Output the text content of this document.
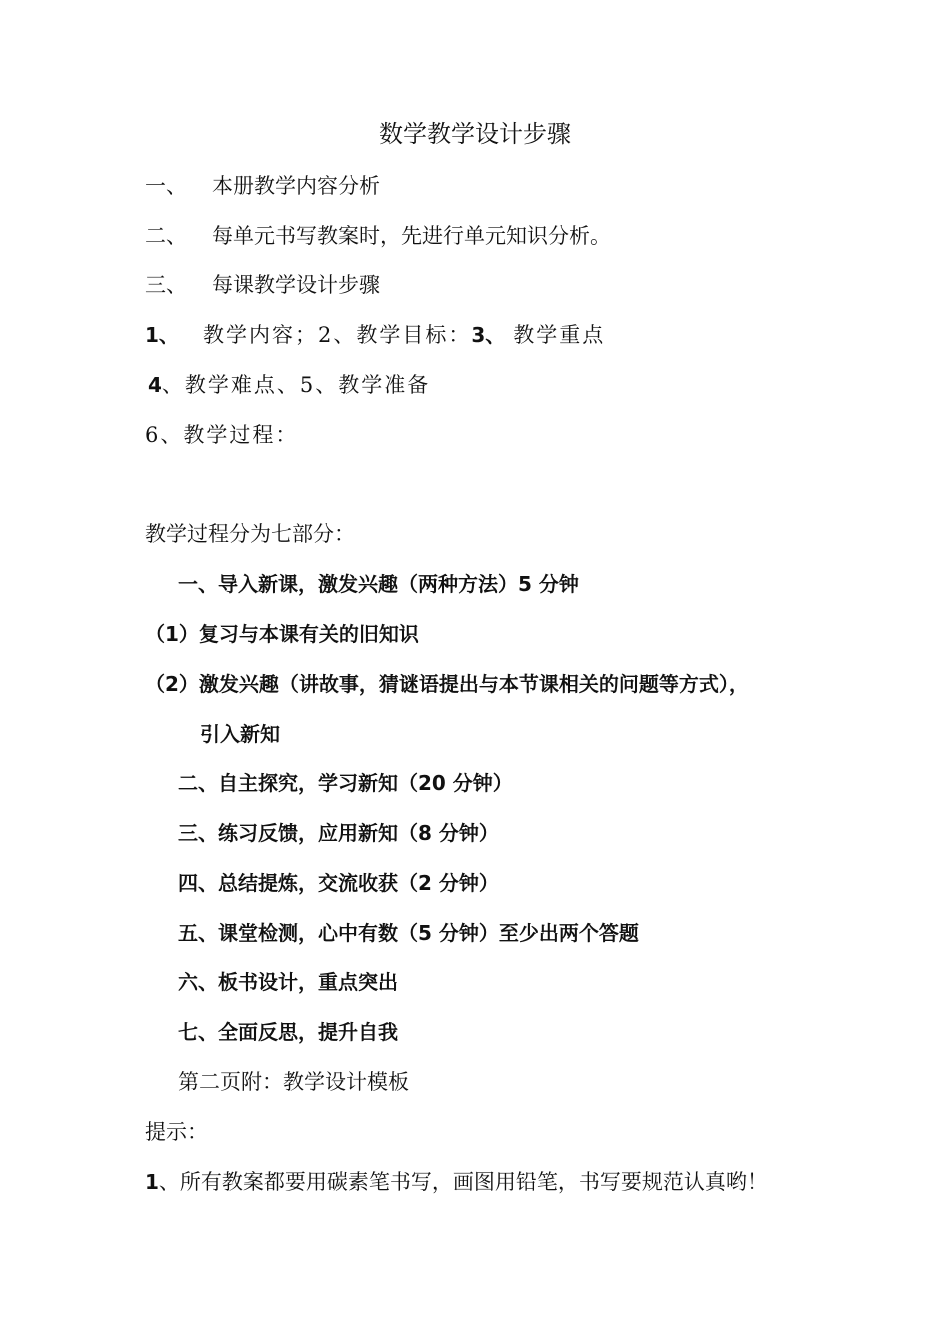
数学教学设计步骤
一、 本册教学内容分析
二、 每单元书写教案时，先进行单元知识分析。
三、 每课教学设计步骤
1、 教学内容；2、教学目标：3、 教学重点
4、教学难点、5、教学准备
6、教学过程：
教学过程分为七部分：
一、导入新课，激发兴趣（两种方法）5 分钟
（1）复习与本课有关的旧知识
（2）激发兴趣（讲故事，猜谜语提出与本节课相关的问题等方式），
引入新知
二、自主探究，学习新知（20 分钟）
三、练习反馈，应用新知（8 分钟）
四、总结提炼，交流收获（2 分钟）
五、课堂检测，心中有数（5 分钟）至少出两个答题
六、板书设计，重点突出
七、全面反思，提升自我
第二页附：教学设计模板
提示：
1、所有教案都要用碳素笔书写，画图用铅笔，书写要规范认真哟！
